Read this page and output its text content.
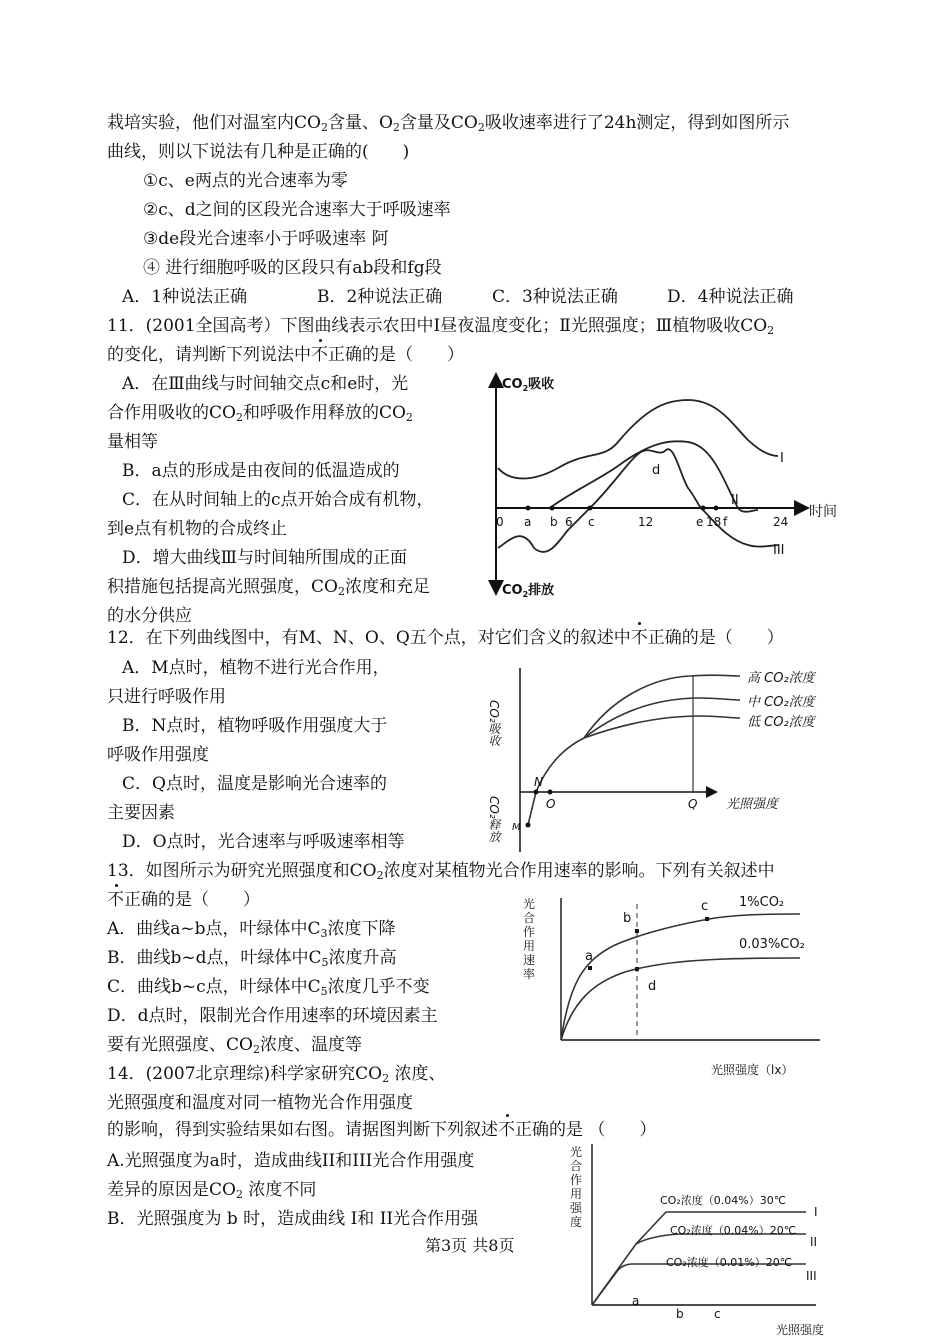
栽培实验，他们对温室内$CO_2$含量、$O_2$含量及$CO_2$吸收速率进行了24h测定，得到如图所示
曲线，则以下说法有几种是正确的(　　)
①c、e两点的光合速率为零
②c、d之间的区段光合速率大于呼吸速率
③de段光合速率小于呼吸速率 阿
④ 进行细胞呼吸的区段只有ab段和fg段
A．1种说法正确	B．2种说法正确	C．3种说法正确	D．4种说法正确
11．(2001全国高考）下图曲线表示农田中Ⅰ昼夜温度变化；Ⅱ光照强度；Ⅲ植物吸收$CO_2$
的变化，请判断下列说法中不正确的是（　　）
A．在Ⅲ曲线与时间轴交点c和e时，光
合作用吸收的$CO_2$和呼吸作用释放的$CO_2$
量相等
B．a点的形成是由夜间的低温造成的
C．在从时间轴上的c点开始合成有机物，
到e点有机物的合成终止
D．增大曲线Ⅲ与时间轴所围成的正面
积措施包括提高光照强度，$CO_2$浓度和充足
的水分供应
$CO_2$吸收
$CO_2$排放
时间
0 a b 6 c	12	e 18 f	24
d
I
II
III
12．在下列曲线图中，有M、N、O、Q五个点，对它们含义的叙述中不正确的是（　　）
A．M点时，植物不进行光合作用，
只进行呼吸作用
B．N点时，植物呼吸作用强度大于
呼吸作用强度
C．Q点时，温度是影响光合速率的
主要因素
D．O点时，光合速率与呼吸速率相等
CO₂吸收
CO₂释放	光照强度
N
O
M
Q
高 CO₂浓度
中 CO₂浓度
低 CO₂浓度
13．如图所示为研究光照强度和$CO_2$浓度对某植物光合作用速率的影响。下列有关叙述中
不正确的是（　　）
A．曲线a~b点，叶绿体中$C_3$浓度下降
B．曲线b~d点，叶绿体中$C_5$浓度升高
C．曲线b~c点，叶绿体中$C_5$浓度几乎不变
D．d点时，限制光合作用速率的环境因素主
要有光照强度、$CO_2$浓度、温度等
光
合
作
用
速
率
a
b
c
d
1%CO₂
0.03%CO₂
光照强度（lx）
14．(2007北京理综)科学家研究$CO_2$ 浓度、
光照强度和温度对同一植物光合作用强度
的影响，得到实验结果如右图。请据图判断下列叙述不正确的是 （　　）
A.光照强度为a时，造成曲线II和III光合作用强度
差异的原因是$CO_2$ 浓度不同
B．光照强度为 b 时，造成曲线 I和 II光合作用强
光
合
作
用
强
度
a
b	c
CO₂浓度（0.04%）30℃
CO₂浓度（0.04%）20℃
CO₂浓度（0.01%）20℃
I
II
III
光照强度
第3页 共8页
